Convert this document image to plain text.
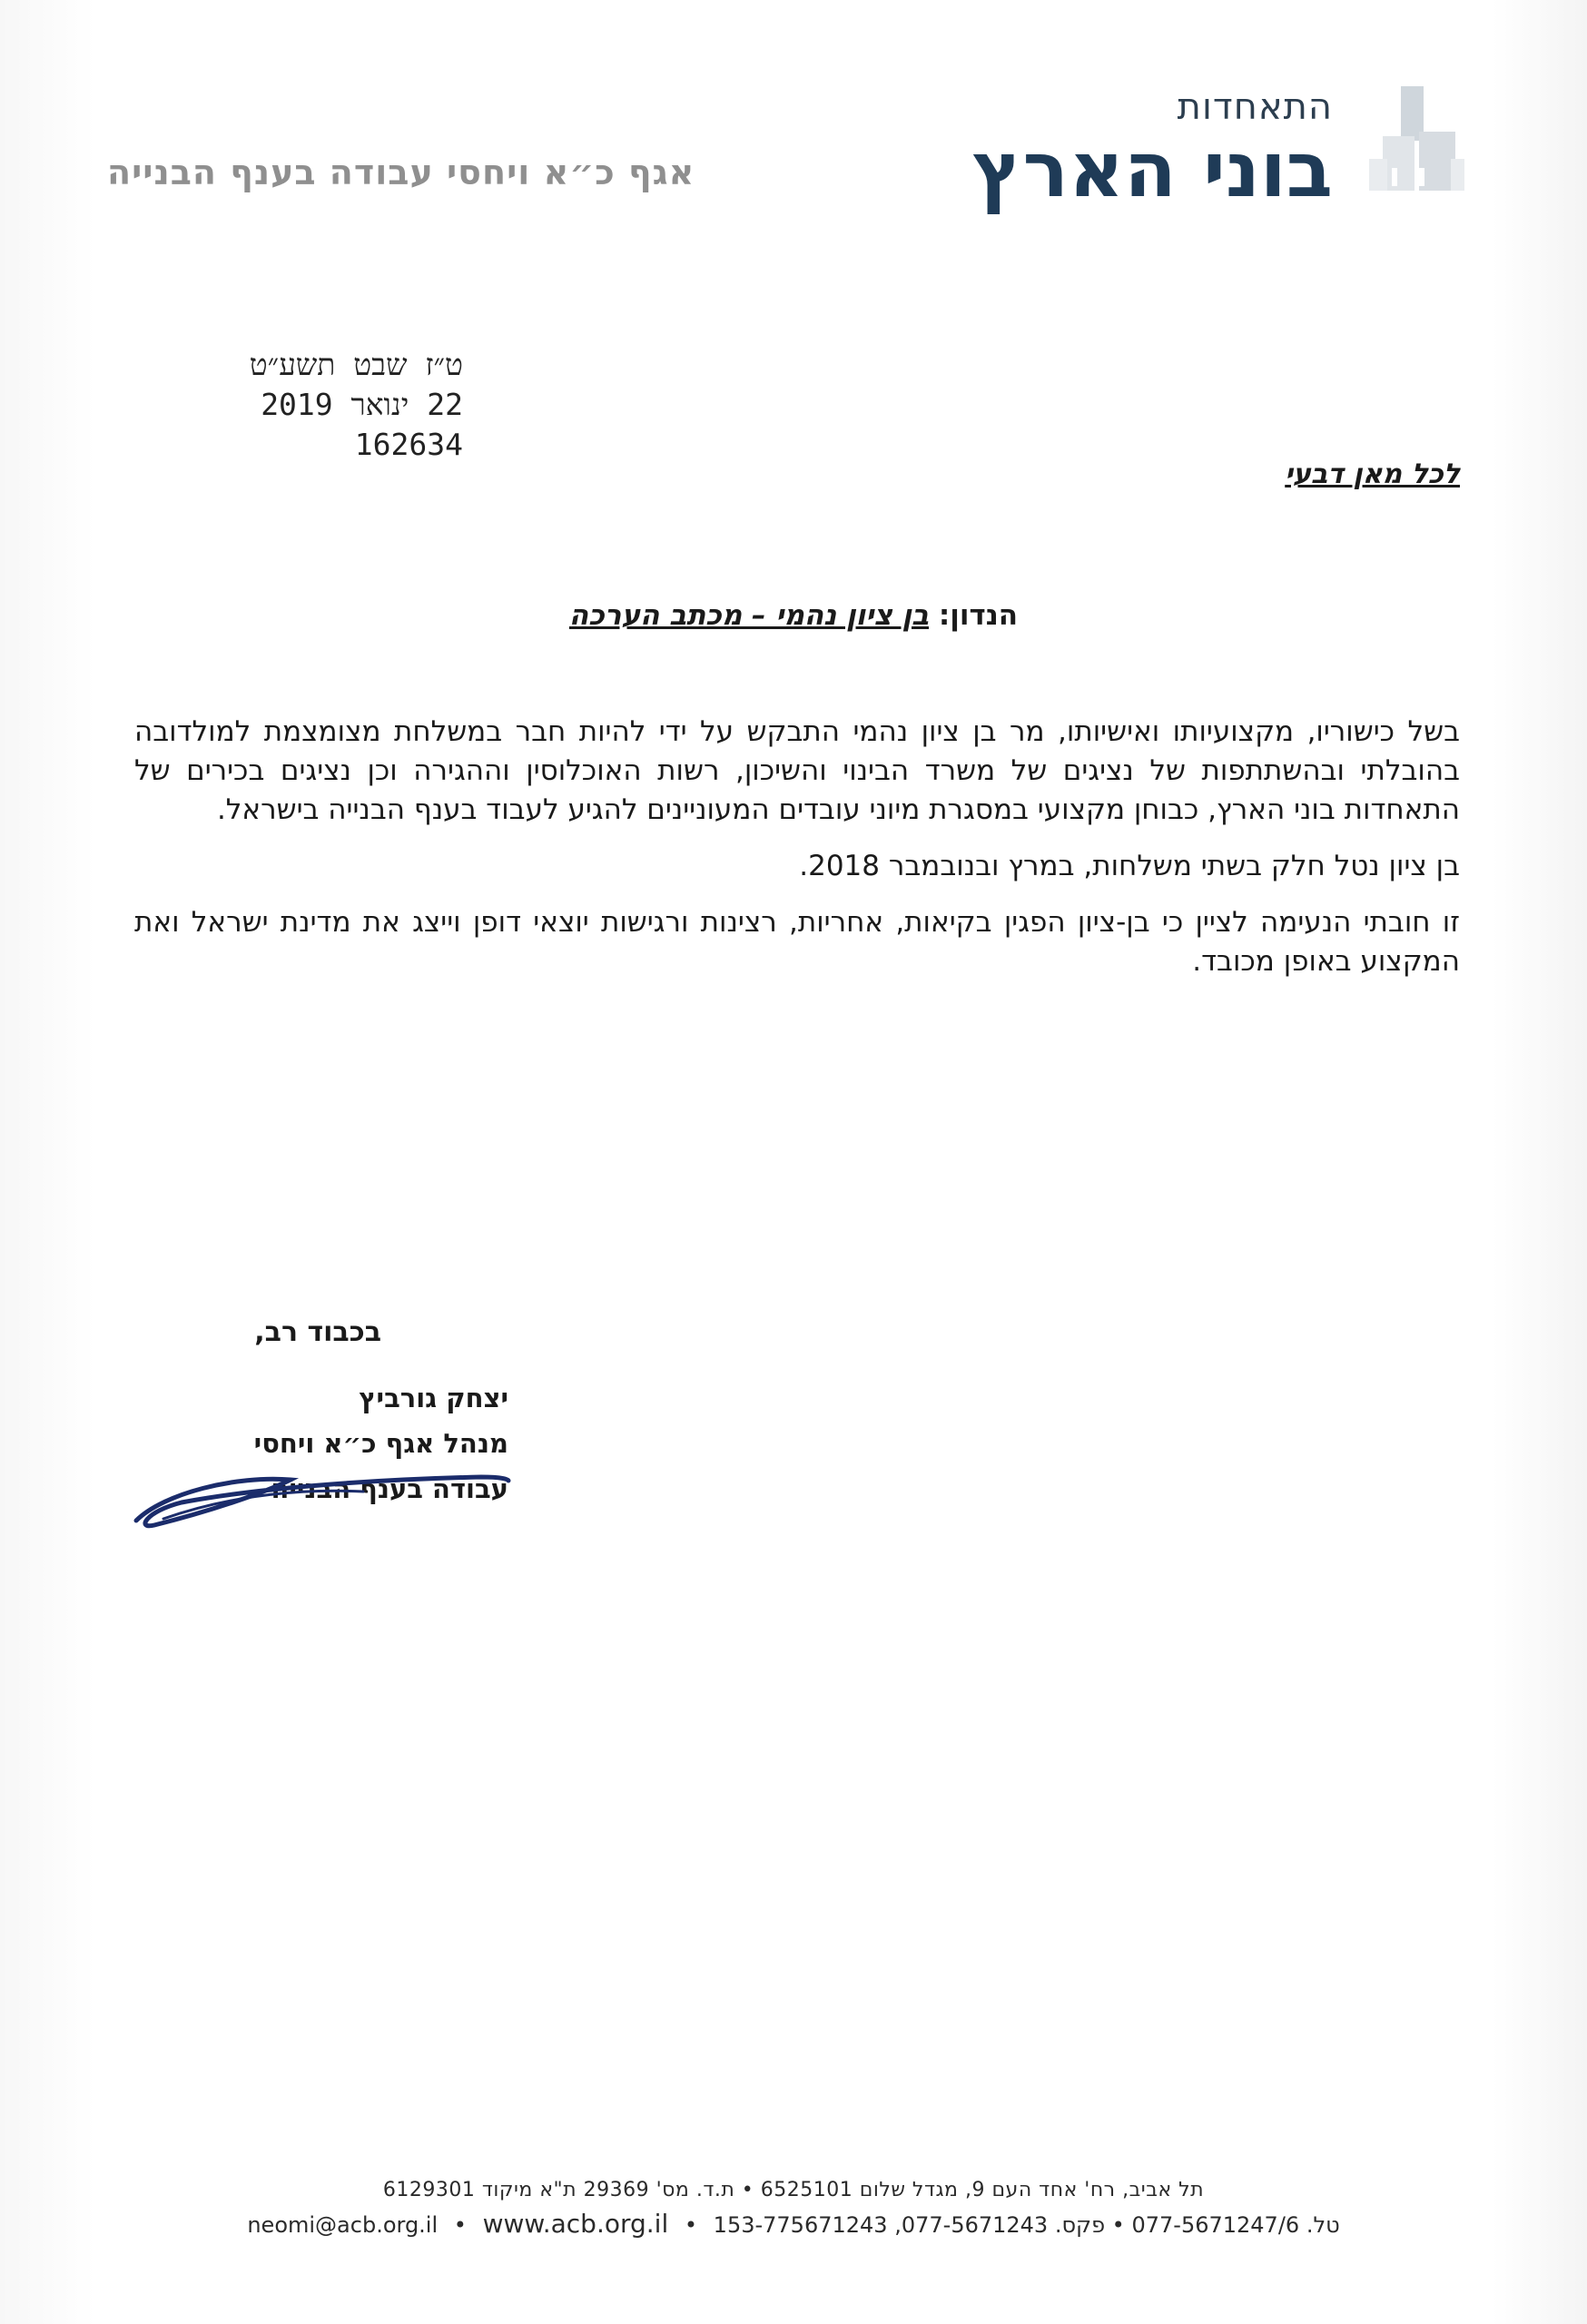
התאחדות
בוני הארץ
אגף כ״א ויחסי עבודה בענף הבנייה
ט״ז שבט תשע״ט
22 ינואר 2019
162634
לכל מאן דבעי
הנדון: בן ציון נהמי – מכתב הערכה

בשל כישוריו, מקצועיותו ואישיותו, מר בן ציון נהמי התבקש על ידי להיות חבר במשלחת מצומצמת למולדובה בהובלתי ובהשתתפות של נציגים של משרד הבינוי והשיכון, רשות האוכלוסין וההגירה וכן נציגים בכירים של התאחדות בוני הארץ, כבוחן מקצועי במסגרת מיוני עובדים המעוניינים להגיע לעבוד בענף הבנייה בישראל.

בן ציון נטל חלק בשתי משלחות, במרץ ובנובמבר 2018.

זו חובתי הנעימה לציין כי בן-ציון הפגין בקיאות, אחריות, רצינות ורגישות יוצאי דופן וייצג את מדינת ישראל ואת המקצוע באופן מכובד.

בכבוד רב,
יצחק גורביץ
מנהל אגף כ״א ויחסי
עבודה בענף הבנייה
תל אביב, רח' אחד העם 9, מגדל שלום 6525101 • ת.ד. מס' 29369 ת"א מיקוד 6129301
טל. 077-5671247/6 • פקס. 077-5671243, 153-775671243 • neomi@acb.org.il • www.acb.org.il
